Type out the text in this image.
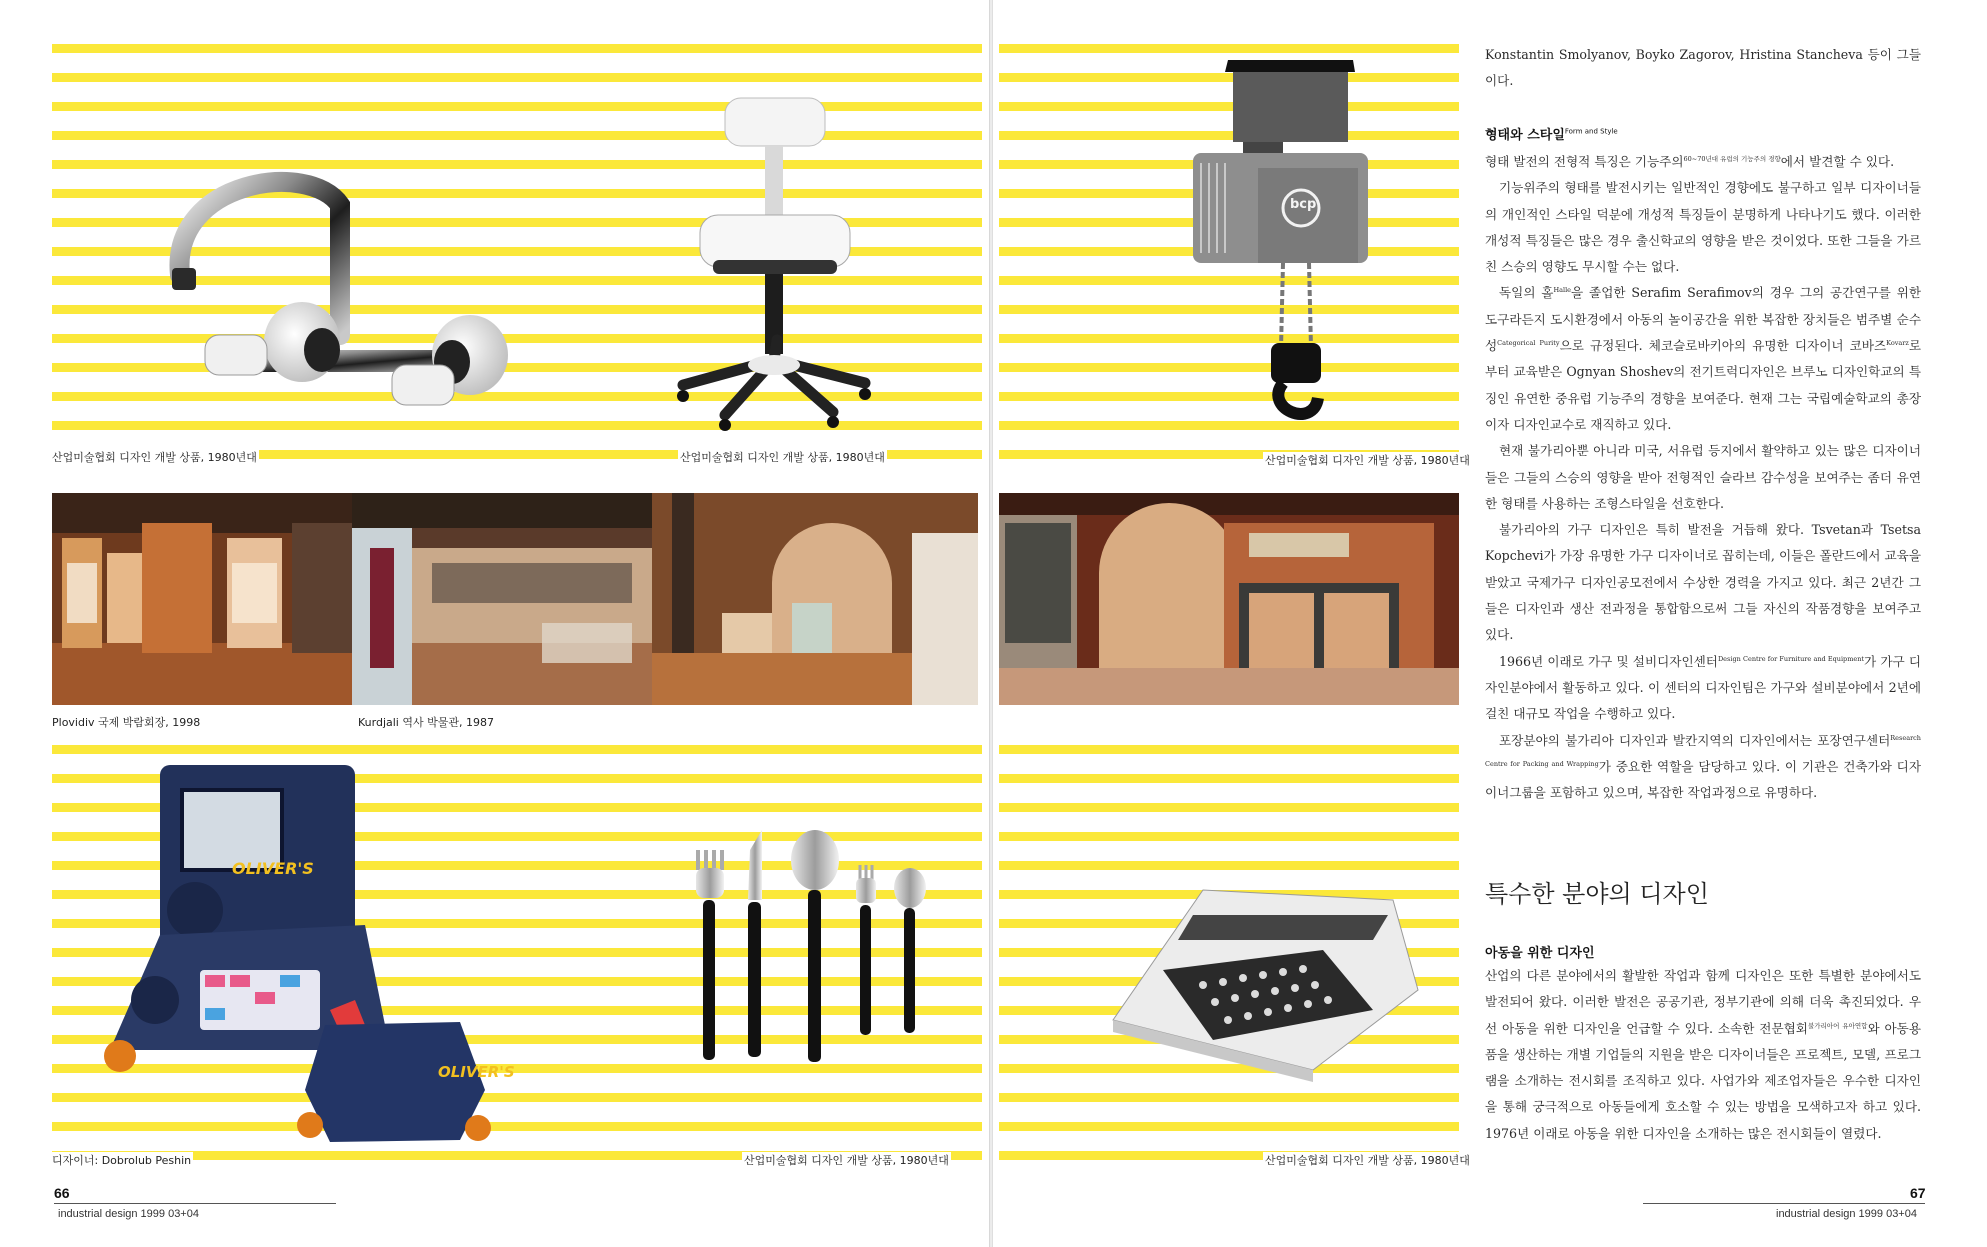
산업미술협회 디자인 개발 상품, 1980년대	산업미술협회 디자인 개발 상품, 1980년대
Plovidiv 국제 박람회장, 1998	Kurdjali 역사 박물관, 1987
OLIVER'S
OLIVER'S
디자이너: Dobrolub Peshin	산업미술협회 디자인 개발 상품, 1980년대
66
industrial design 1999 03+04
bcp
산업미술협회 디자인 개발 상품, 1980년대
산업미술협회 디자인 개발 상품, 1980년대

Konstantin Smolyanov, Boyko Zagorov, Hristina Stancheva 등이 그들이다.

형태와 스타일$^{Form and Style}$

형태 발전의 전형적 특징은 기능주의$^{60\sim 70년대 유럽의 기능주의 경향}$에서 발견할 수 있다.

기능위주의 형태를 발전시키는 일반적인 경향에도 불구하고 일부 디자이너들의 개인적인 스타일 덕분에 개성적 특징들이 분명하게 나타나기도 했다. 이러한 개성적 특징들은 많은 경우 출신학교의 영향을 받은 것이었다. 또한 그들을 가르친 스승의 영향도 무시할 수는 없다.

독일의 홀$^{Halle}$을 졸업한 Serafim Serafimov의 경우 그의 공간연구를 위한 도구라든지 도시환경에서 아동의 놀이공간을 위한 복잡한 장치들은 범주별 순수성$^{Categorical Purity}$으로 규정된다. 체코슬로바키아의 유명한 디자이너 코바즈$^{Kovarz}$로 부터 교육받은 Ognyan Shoshev의 전기트럭디자인은 브루노 디자인학교의 특징인 유연한 중유럽 기능주의 경향을 보여준다. 현재 그는 국립예술학교의 총장이자 디자인교수로 재직하고 있다.

현재 불가리아뿐 아니라 미국, 서유럽 등지에서 활약하고 있는 많은 디자이너들은 그들의 스승의 영향을 받아 전형적인 슬라브 감수성을 보여주는 좀더 유연한 형태를 사용하는 조형스타일을 선호한다.

불가리아의 가구 디자인은 특히 발전을 거듭해 왔다. Tsvetan과 Tsetsa Kopchevi가 가장 유명한 가구 디자이너로 꼽히는데, 이들은 폴란드에서 교육을 받았고 국제가구 디자인공모전에서 수상한 경력을 가지고 있다. 최근 2년간 그들은 디자인과 생산 전과정을 통합함으로써 그들 자신의 작품경향을 보여주고 있다.

1966년 이래로 가구 및 설비디자인센터$^{Design Centre for Furniture and Equipment}$가 가구 디자인분야에서 활동하고 있다. 이 센터의 디자인팀은 가구와 설비분야에서 2년에 걸친 대규모 작업을 수행하고 있다.

포장분야의 불가리아 디자인과 발칸지역의 디자인에서는 포장연구센터$^{Research Centre for Packing and Wrapping}$가 중요한 역할을 담당하고 있다. 이 기관은 건축가와 디자이너그룹을 포함하고 있으며, 복잡한 작업과정으로 유명하다.

특수한 분야의 디자인
아동을 위한 디자인

산업의 다른 분야에서의 활발한 작업과 함께 디자인은 또한 특별한 분야에서도 발전되어 왔다. 이러한 발전은 공공기관, 정부기관에 의해 더욱 촉진되었다. 우선 아동을 위한 디자인을 언급할 수 있다. 소속한 전문협회$^{불가리아어 유아연합}$와 아동용품을 생산하는 개별 기업들의 지원을 받은 디자이너들은 프로젝트, 모델, 프로그램을 소개하는 전시회를 조직하고 있다. 사업가와 제조업자들은 우수한 디자인을 통해 궁극적으로 아동들에게 호소할 수 있는 방법을 모색하고자 하고 있다. 1976년 이래로 아동을 위한 디자인을 소개하는 많은 전시회들이 열렸다.

67
industrial design 1999 03+04
